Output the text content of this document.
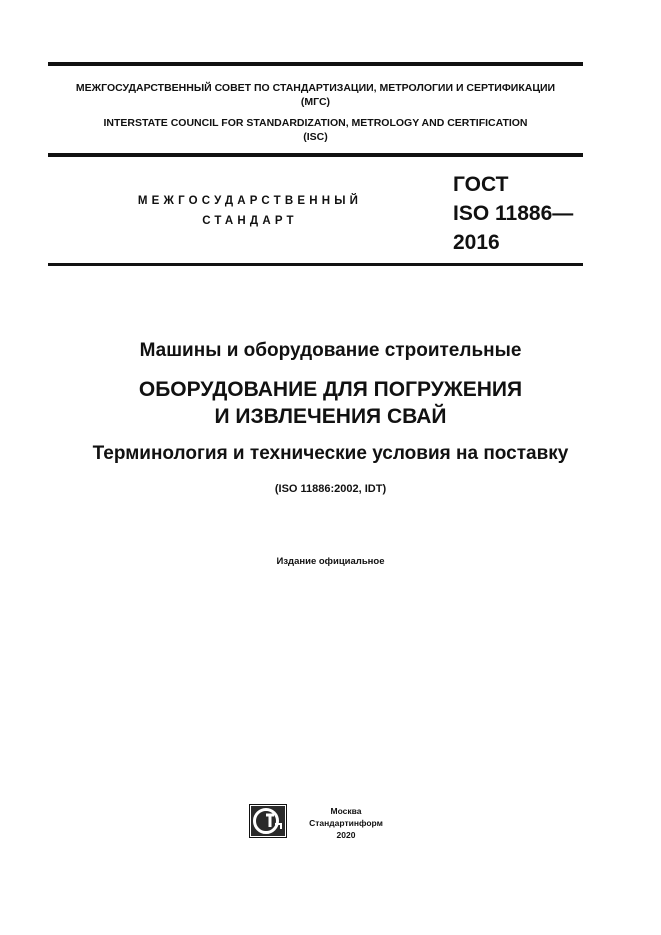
МЕЖГОСУДАРСТВЕННЫЙ СОВЕТ ПО СТАНДАРТИЗАЦИИ, МЕТРОЛОГИИ И СЕРТИФИКАЦИИ
(МГС)
INTERSTATE COUNCIL FOR STANDARDIZATION, METROLOGY AND CERTIFICATION
(ISC)
МЕЖГОСУДАРСТВЕННЫЙ
СТАНДАРТ
ГОСТ
ISO 11886—
2016
Машины и оборудование строительные
ОБОРУДОВАНИЕ ДЛЯ ПОГРУЖЕНИЯ
И ИЗВЛЕЧЕНИЯ СВАЙ
Терминология и технические условия на поставку
(ISO 11886:2002, IDT)
Издание официальное
Москва
Стандартинформ
2020
